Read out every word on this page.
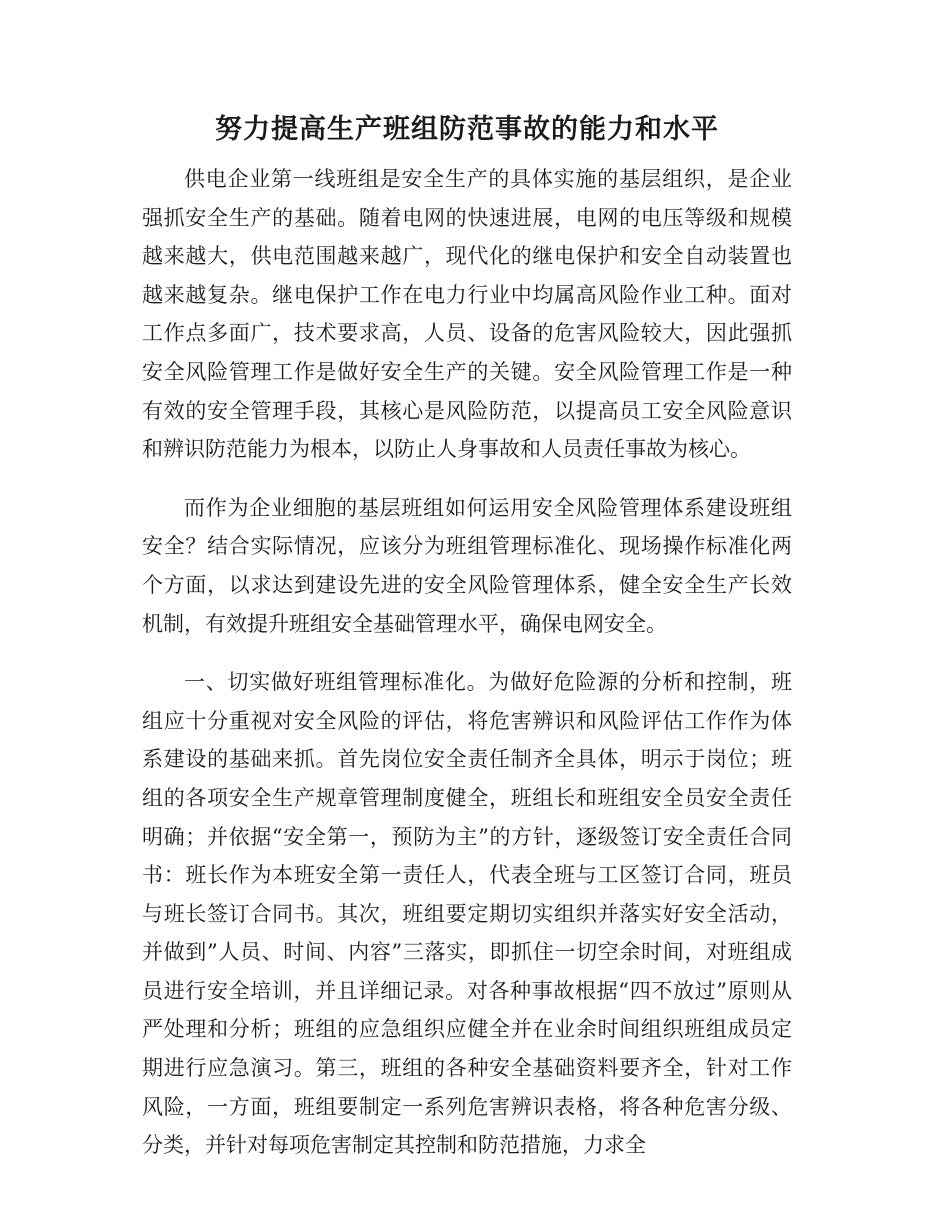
努力提高生产班组防范事故的能力和水平

供电企业第一线班组是安全生产的具体实施的基层组织，是企业强抓安全生产的基础。随着电网的快速进展，电网的电压等级和规模越来越大，供电范围越来越广，现代化的继电保护和安全自动装置也越来越复杂。继电保护工作在电力行业中均属高风险作业工种。面对工作点多面广，技术要求高，人员、设备的危害风险较大，因此强抓安全风险管理工作是做好安全生产的关键。安全风险管理工作是一种有效的安全管理手段，其核心是风险防范，以提高员工安全风险意识和辨识防范能力为根本，以防止人身事故和人员责任事故为核心。

而作为企业细胞的基层班组如何运用安全风险管理体系建设班组安全？结合实际情况，应该分为班组管理标准化、现场操作标准化两个方面，以求达到建设先进的安全风险管理体系，健全安全生产长效机制，有效提升班组安全基础管理水平，确保电网安全。

一、切实做好班组管理标准化。为做好危险源的分析和控制，班组应十分重视对安全风险的评估，将危害辨识和风险评估工作作为体系建设的基础来抓。首先岗位安全责任制齐全具体，明示于岗位；班组的各项安全生产规章管理制度健全，班组长和班组安全员安全责任明确；并依据“安全第一，预防为主”的方针，逐级签订安全责任合同书：班长作为本班安全第一责任人，代表全班与工区签订合同，班员与班长签订合同书。其次，班组要定期切实组织并落实好安全活动，并做到”人员、时间、内容”三落实，即抓住一切空余时间，对班组成员进行安全培训，并且详细记录。对各种事故根据“四不放过”原则从严处理和分析；班组的应急组织应健全并在业余时间组织班组成员定期进行应急演习。第三，班组的各种安全基础资料要齐全，针对工作风险，一方面，班组要制定一系列危害辨识表格，将各种危害分级、分类，并针对每项危害制定其控制和防范措施，力求全
